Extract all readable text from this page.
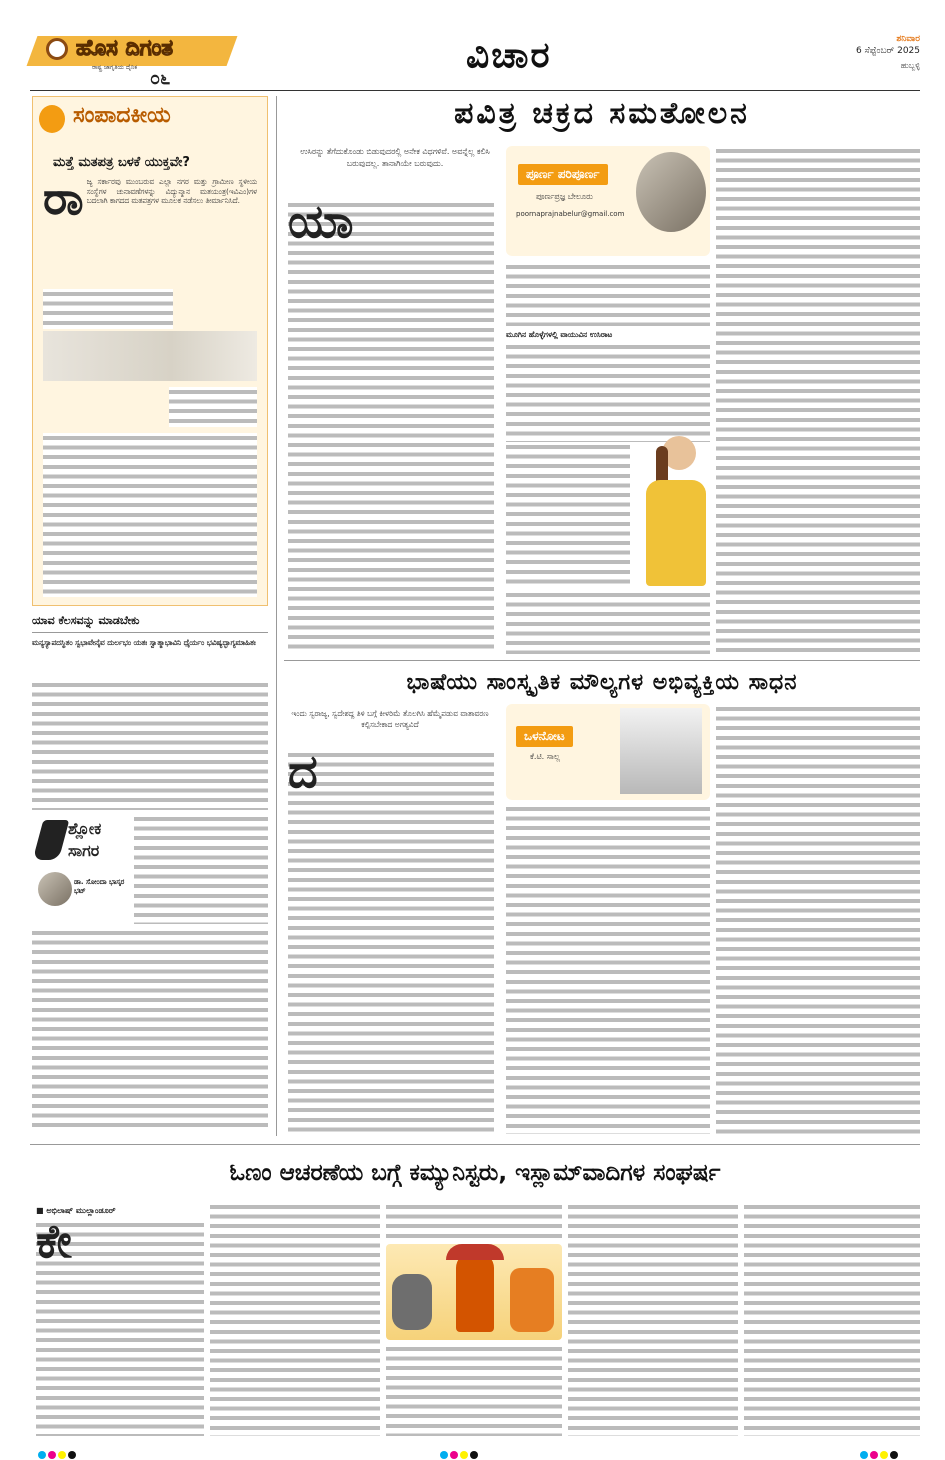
ಹೊಸ ದಿಗಂತ
ರಾಷ್ಟ್ರ ಜಾಗೃತಿಯ ದೈನಿಕ
೦೬
ವಿಚಾರ	ಶನಿವಾರ
6 ಸೆಪ್ಟೆಂಬರ್ 2025
ಹುಬ್ಬಳ್ಳಿ
ಸಂಪಾದಕೀಯ
ಮತ್ತೆ ಮತಪತ್ರ ಬಳಕೆ ಯುಕ್ತವೇ?
ರಾ ಜ್ಯ ಸರ್ಕಾರವು ಮುಂಬರುವ ಎಲ್ಲಾ ನಗರ ಮತ್ತು ಗ್ರಾಮೀಣ ಸ್ಥಳೀಯ ಸಂಸ್ಥೆಗಳ ಚುನಾವಣೆಗಳನ್ನು ವಿದ್ಯುನ್ಮಾನ ಮತಯಂತ್ರ(ಇವಿಎಂ)ಗಳ ಬದಲಾಗಿ ಕಾಗದದ ಮತಪತ್ರಗಳ ಮೂಲಕ ನಡೆಸಲು ತೀರ್ಮಾನಿಸಿದೆ.
ಯಾವ ಕೆಲಸವನ್ನು ಮಾಡಬೇಕು
ಮನ್ಯಸ್ಯಾಪದಸ್ಥಿತಂ ಸ್ವಭಾವೇನೈವ ದುರ್ಲಭಂ ಯತಃ ಸ್ವಾತ್ಮಾಭಾವಿನಿ ಧೈರ್ಯಂ ಭವಿಷ್ಯದ್ಭಾಗ್ಯಮಾಹಿತಃ
ಶ್ಲೋಕ ಸಾಗರ
ಡಾ. ಸೋಂದಾ ಭಾಸ್ಕರ ಭಟ್
ಪವಿತ್ರ ಚಕ್ರದ ಸಮತೋಲನ
ಉಸಿರನ್ನು ತೆಗೆದುಕೊಂಡು ಬಿಡುವುದರಲ್ಲಿ ಅನೇಕ ವಿಧಗಳಿವೆ. ಅವನ್ನೆಲ್ಲ ಕಲಿಸಿ ಬರುವುದಲ್ಲ. ತಾನಾಗಿಯೇ ಬರುವುದು.
ಯಾ
ಪೂರ್ಣ ಪರಿಪೂರ್ಣ
ಪೂರ್ಣಪ್ರಜ್ಞ ಬೇಲೂರು
poornaprajnabelur@gmail.com
ಮೂಗಿನ ಹೊಳ್ಳೆಗಳಲ್ಲಿ ವಾಯುವಿನ ಉಸಿರಾಟ
ಭಾಷೆಯು ಸಾಂಸ್ಕೃತಿಕ ಮೌಲ್ಯಗಳ ಅಭಿವ್ಯಕ್ತಿಯ ಸಾಧನ
ಇಂದು ಸ್ವರಾಜ್ಯ, ಸ್ವದೇಶದ್ದ ತಿಳಿ ಬಗ್ಗೆ ಕೀಳರಿಮೆ ತೊಲಗಿಸಿ ಹೆಮ್ಮೆಪಡುವ ವಾತಾವರಣ ಕಲ್ಪಿಸಬೇಕಾದ ಅಗತ್ಯವಿದೆ
ದ
ಒಳನೋಟ
ಕೆ.ಟಿ. ಸಾಲ್ಲ
ಓಣಂ ಆಚರಣೆಯ ಬಗ್ಗೆ ಕಮ್ಯುನಿಸ್ಟರು, ಇಸ್ಲಾಮ್‌ವಾದಿಗಳ ಸಂಘರ್ಷ
■ ಅಭಿಲಾಷ್ ಮುಲ್ಲಾಂಡೂರ್
ಕೇ
